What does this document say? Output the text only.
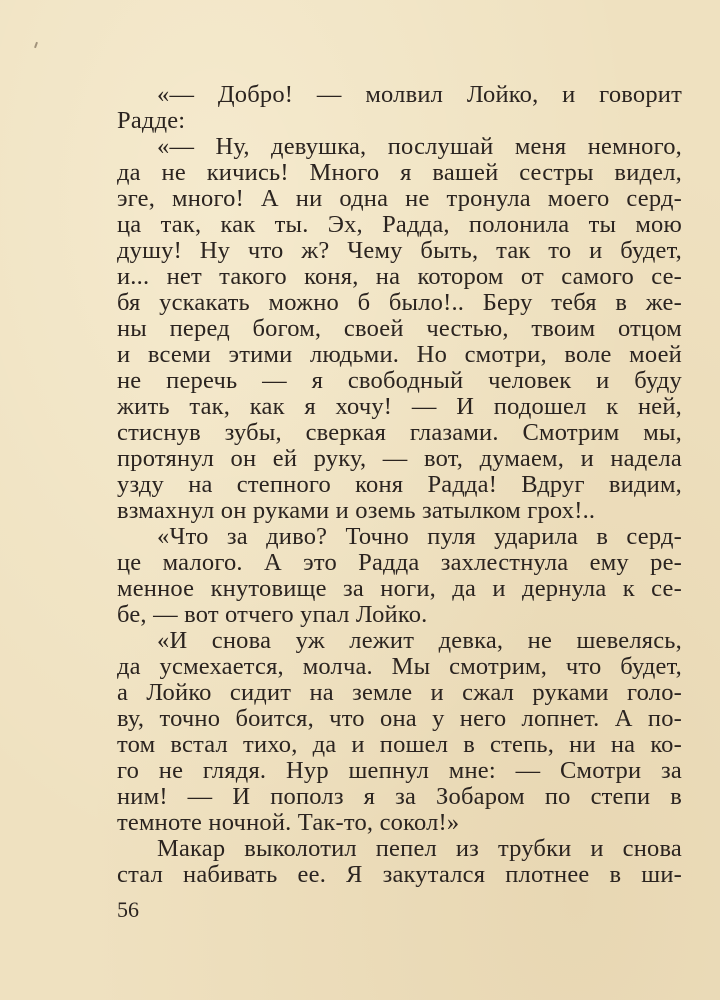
«— Добро! — молвил Лойко, и говорит
Радде:
«— Ну, девушка, послушай меня немного,
да не кичись! Много я вашей сестры видел,
эге, много! А ни одна не тронула моего серд-
ца так, как ты. Эх, Радда, полонила ты мою
душу! Ну что ж? Чему быть, так то и будет,
и... нет такого коня, на котором от самого се-
бя ускакать можно б было!.. Беру тебя в же-
ны перед богом, своей честью, твоим отцом
и всеми этими людьми. Но смотри, воле моей
не перечь — я свободный человек и буду
жить так, как я хочу! — И подошел к ней,
стиснув зубы, сверкая глазами. Смотрим мы,
протянул он ей руку, — вот, думаем, и надела
узду на степного коня Радда! Вдруг видим,
взмахнул он руками и оземь затылком грох!..
«Что за диво? Точно пуля ударила в серд-
це малого. А это Радда захлестнула ему ре-
менное кнутовище за ноги, да и дернула к се-
бе, — вот отчего упал Лойко.
«И снова уж лежит девка, не шевелясь,
да усмехается, молча. Мы смотрим, что будет,
а Лойко сидит на земле и сжал руками голо-
ву, точно боится, что она у него лопнет. А по-
том встал тихо, да и пошел в степь, ни на ко-
го не глядя. Нур шепнул мне: — Смотри за
ним! — И пополз я за Зобаром по степи в
темноте ночной. Так-то, сокол!»
Макар выколотил пепел из трубки и снова
стал набивать ее. Я закутался плотнее в ши-
56
